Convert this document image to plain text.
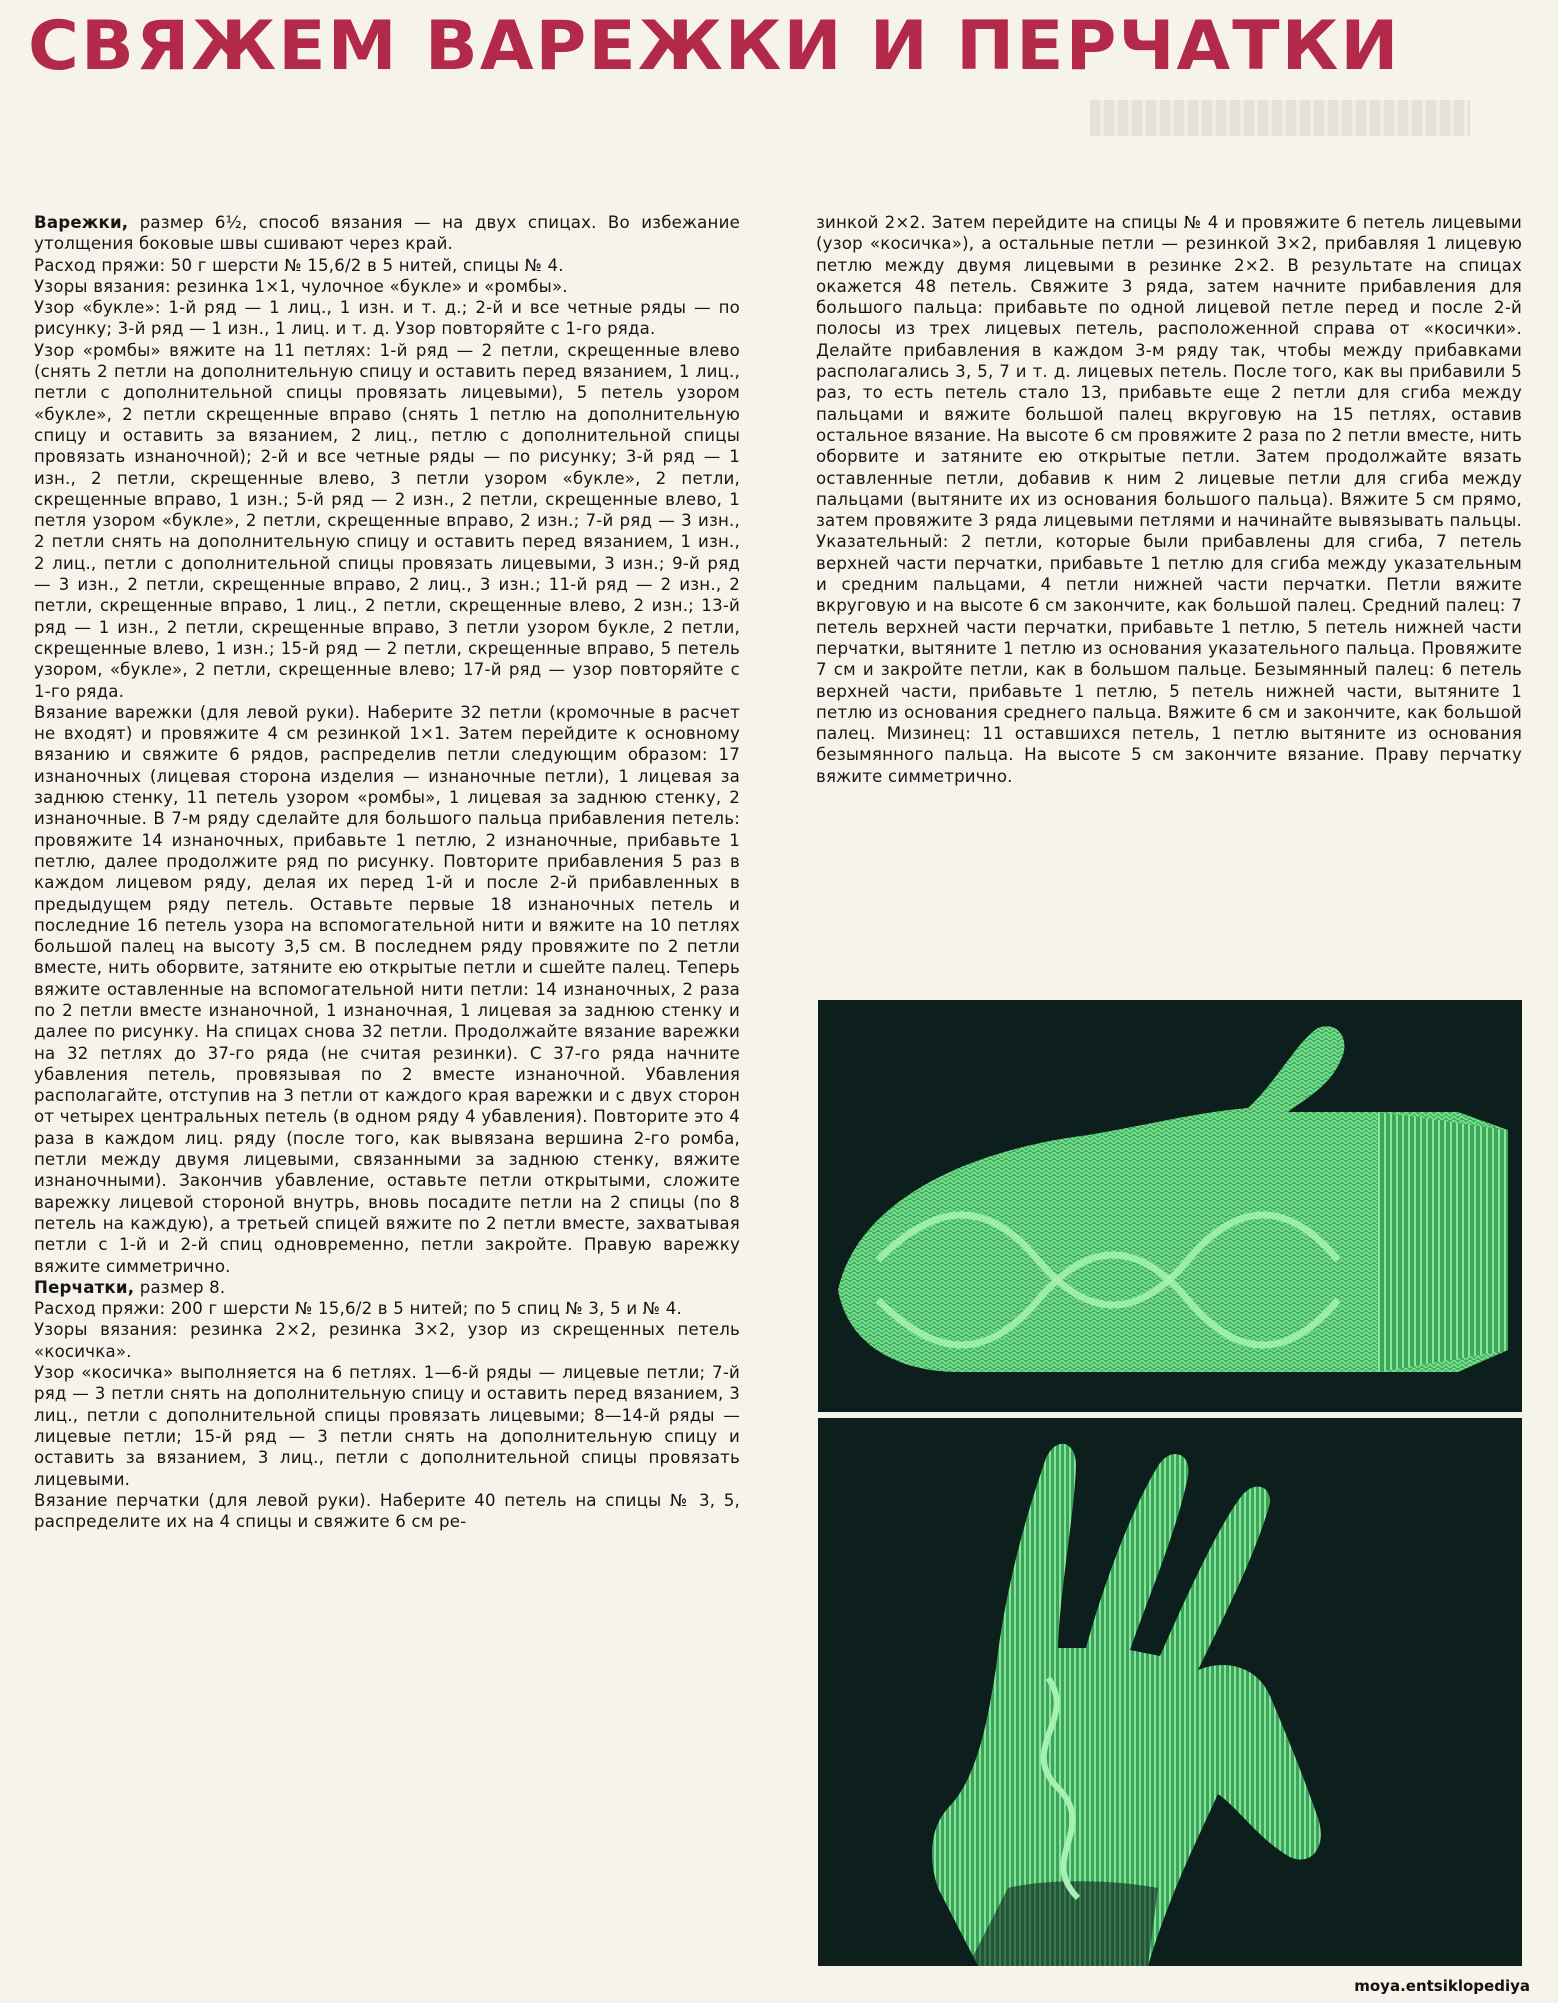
СВЯЖЕМ ВАРЕЖКИ И ПЕРЧАТКИ

Варежки, размер 6½, способ вязания — на двух спицах. Во избежание утолщения боковые швы сшивают через край.

Расход пряжи: 50 г шерсти № 15,6/2 в 5 нитей, спицы № 4.

Узоры вязания: резинка 1×1, чулочное «букле» и «ромбы».

Узор «букле»: 1-й ряд — 1 лиц., 1 изн. и т. д.; 2-й и все четные ряды — по рисунку; 3-й ряд — 1 изн., 1 лиц. и т. д. Узор повторяйте с 1-го ряда.

Узор «ромбы» вяжите на 11 петлях: 1-й ряд — 2 петли, скрещенные влево (снять 2 петли на дополнительную спицу и оставить перед вязанием, 1 лиц., петли с дополнительной спицы провязать лицевыми), 5 петель узором «букле», 2 петли скрещенные вправо (снять 1 петлю на дополнительную спицу и оставить за вязанием, 2 лиц., петлю с дополнительной спицы провязать изнаночной); 2-й и все четные ряды — по рисунку; 3-й ряд — 1 изн., 2 петли, скрещенные влево, 3 петли узором «букле», 2 петли, скрещенные вправо, 1 изн.; 5-й ряд — 2 изн., 2 петли, скрещенные влево, 1 петля узором «букле», 2 петли, скрещенные вправо, 2 изн.; 7-й ряд — 3 изн., 2 петли снять на дополнительную спицу и оставить перед вязанием, 1 изн., 2 лиц., петли с дополнительной спицы провязать лицевыми, 3 изн.; 9-й ряд — 3 изн., 2 петли, скрещенные вправо, 2 лиц., 3 изн.; 11-й ряд — 2 изн., 2 петли, скрещенные вправо, 1 лиц., 2 петли, скрещенные влево, 2 изн.; 13-й ряд — 1 изн., 2 петли, скрещенные вправо, 3 петли узором букле, 2 петли, скрещенные влево, 1 изн.; 15-й ряд — 2 петли, скрещенные вправо, 5 петель узором, «букле», 2 петли, скрещенные влево; 17-й ряд — узор повторяйте с 1-го ряда.

Вязание варежки (для левой руки). Наберите 32 петли (кромочные в расчет не входят) и провяжите 4 см резинкой 1×1. Затем перейдите к основному вязанию и свяжите 6 рядов, распределив петли следующим образом: 17 изнаночных (лицевая сторона изделия — изнаночные петли), 1 лицевая за заднюю стенку, 11 петель узором «ромбы», 1 лицевая за заднюю стенку, 2 изнаночные. В 7-м ряду сделайте для большого пальца прибавления петель: провяжите 14 изнаночных, прибавьте 1 петлю, 2 изнаночные, прибавьте 1 петлю, далее продолжите ряд по рисунку. Повторите прибавления 5 раз в каждом лицевом ряду, делая их перед 1-й и после 2-й прибавленных в предыдущем ряду петель. Оставьте первые 18 изнаночных петель и последние 16 петель узора на вспомогательной нити и вяжите на 10 петлях большой палец на высоту 3,5 см. В последнем ряду провяжите по 2 петли вместе, нить оборвите, затяните ею открытые петли и сшейте палец. Теперь вяжите оставленные на вспомогательной нити петли: 14 изнаночных, 2 раза по 2 петли вместе изнаночной, 1 изнаночная, 1 лицевая за заднюю стенку и далее по рисунку. На спицах снова 32 петли. Продолжайте вязание варежки на 32 петлях до 37-го ряда (не считая резинки). С 37-го ряда начните убавления петель, провязывая по 2 вместе изнаночной. Убавления располагайте, отступив на 3 петли от каждого края варежки и с двух сторон от четырех центральных петель (в одном ряду 4 убавления). Повторите это 4 раза в каждом лиц. ряду (после того, как вывязана вершина 2-го ромба, петли между двумя лицевыми, связанными за заднюю стенку, вяжите изнаночными). Закончив убавление, оставьте петли открытыми, сложите варежку лицевой стороной внутрь, вновь посадите петли на 2 спицы (по 8 петель на каждую), а третьей спицей вяжите по 2 петли вместе, захватывая петли с 1-й и 2-й спиц одновременно, петли закройте. Правую варежку вяжите симметрично.

Перчатки, размер 8.

Расход пряжи: 200 г шерсти № 15,6/2 в 5 нитей; по 5 спиц № 3, 5 и № 4.

Узоры вязания: резинка 2×2, резинка 3×2, узор из скрещенных петель «косичка».

Узор «косичка» выполняется на 6 петлях. 1—6-й ряды — лицевые петли; 7-й ряд — 3 петли снять на дополнительную спицу и оставить перед вязанием, 3 лиц., петли с дополнительной спицы провязать лицевыми; 8—14-й ряды — лицевые петли; 15-й ряд — 3 петли снять на дополнительную спицу и оставить за вязанием, 3 лиц., петли с дополнительной спицы провязать лицевыми.

Вязание перчатки (для левой руки). Наберите 40 петель на спицы № 3, 5, распределите их на 4 спицы и свяжите 6 см ре-

зинкой 2×2. Затем перейдите на спицы № 4 и провяжите 6 петель лицевыми (узор «косичка»), а остальные петли — резинкой 3×2, прибавляя 1 лицевую петлю между двумя лицевыми в резинке 2×2. В результате на спицах окажется 48 петель. Свяжите 3 ряда, затем начните прибавления для большого пальца: прибавьте по одной лицевой петле перед и после 2-й полосы из трех лицевых петель, расположенной справа от «косички». Делайте прибавления в каждом 3-м ряду так, чтобы между прибавками располагались 3, 5, 7 и т. д. лицевых петель. После того, как вы прибавили 5 раз, то есть петель стало 13, прибавьте еще 2 петли для сгиба между пальцами и вяжите большой палец вкруговую на 15 петлях, оставив остальное вязание. На высоте 6 см провяжите 2 раза по 2 петли вместе, нить оборвите и затяните ею открытые петли. Затем продолжайте вязать оставленные петли, добавив к ним 2 лицевые петли для сгиба между пальцами (вытяните их из основания большого пальца). Вяжите 5 см прямо, затем провяжите 3 ряда лицевыми петлями и начинайте вывязывать пальцы. Указательный: 2 петли, которые были прибавлены для сгиба, 7 петель верхней части перчатки, прибавьте 1 петлю для сгиба между указательным и средним пальцами, 4 петли нижней части перчатки. Петли вяжите вкруговую и на высоте 6 см закончите, как большой палец. Средний палец: 7 петель верхней части перчатки, прибавьте 1 петлю, 5 петель нижней части перчатки, вытяните 1 петлю из основания указательного пальца. Провяжите 7 см и закройте петли, как в большом пальце. Безымянный палец: 6 петель верхней части, прибавьте 1 петлю, 5 петель нижней части, вытяните 1 петлю из основания среднего пальца. Вяжите 6 см и закончите, как большой палец. Мизинец: 11 оставшихся петель, 1 петлю вытяните из основания безымянного пальца. На высоте 5 см закончите вязание. Праву перчатку вяжите симметрично.

moya.entsiklopediya
